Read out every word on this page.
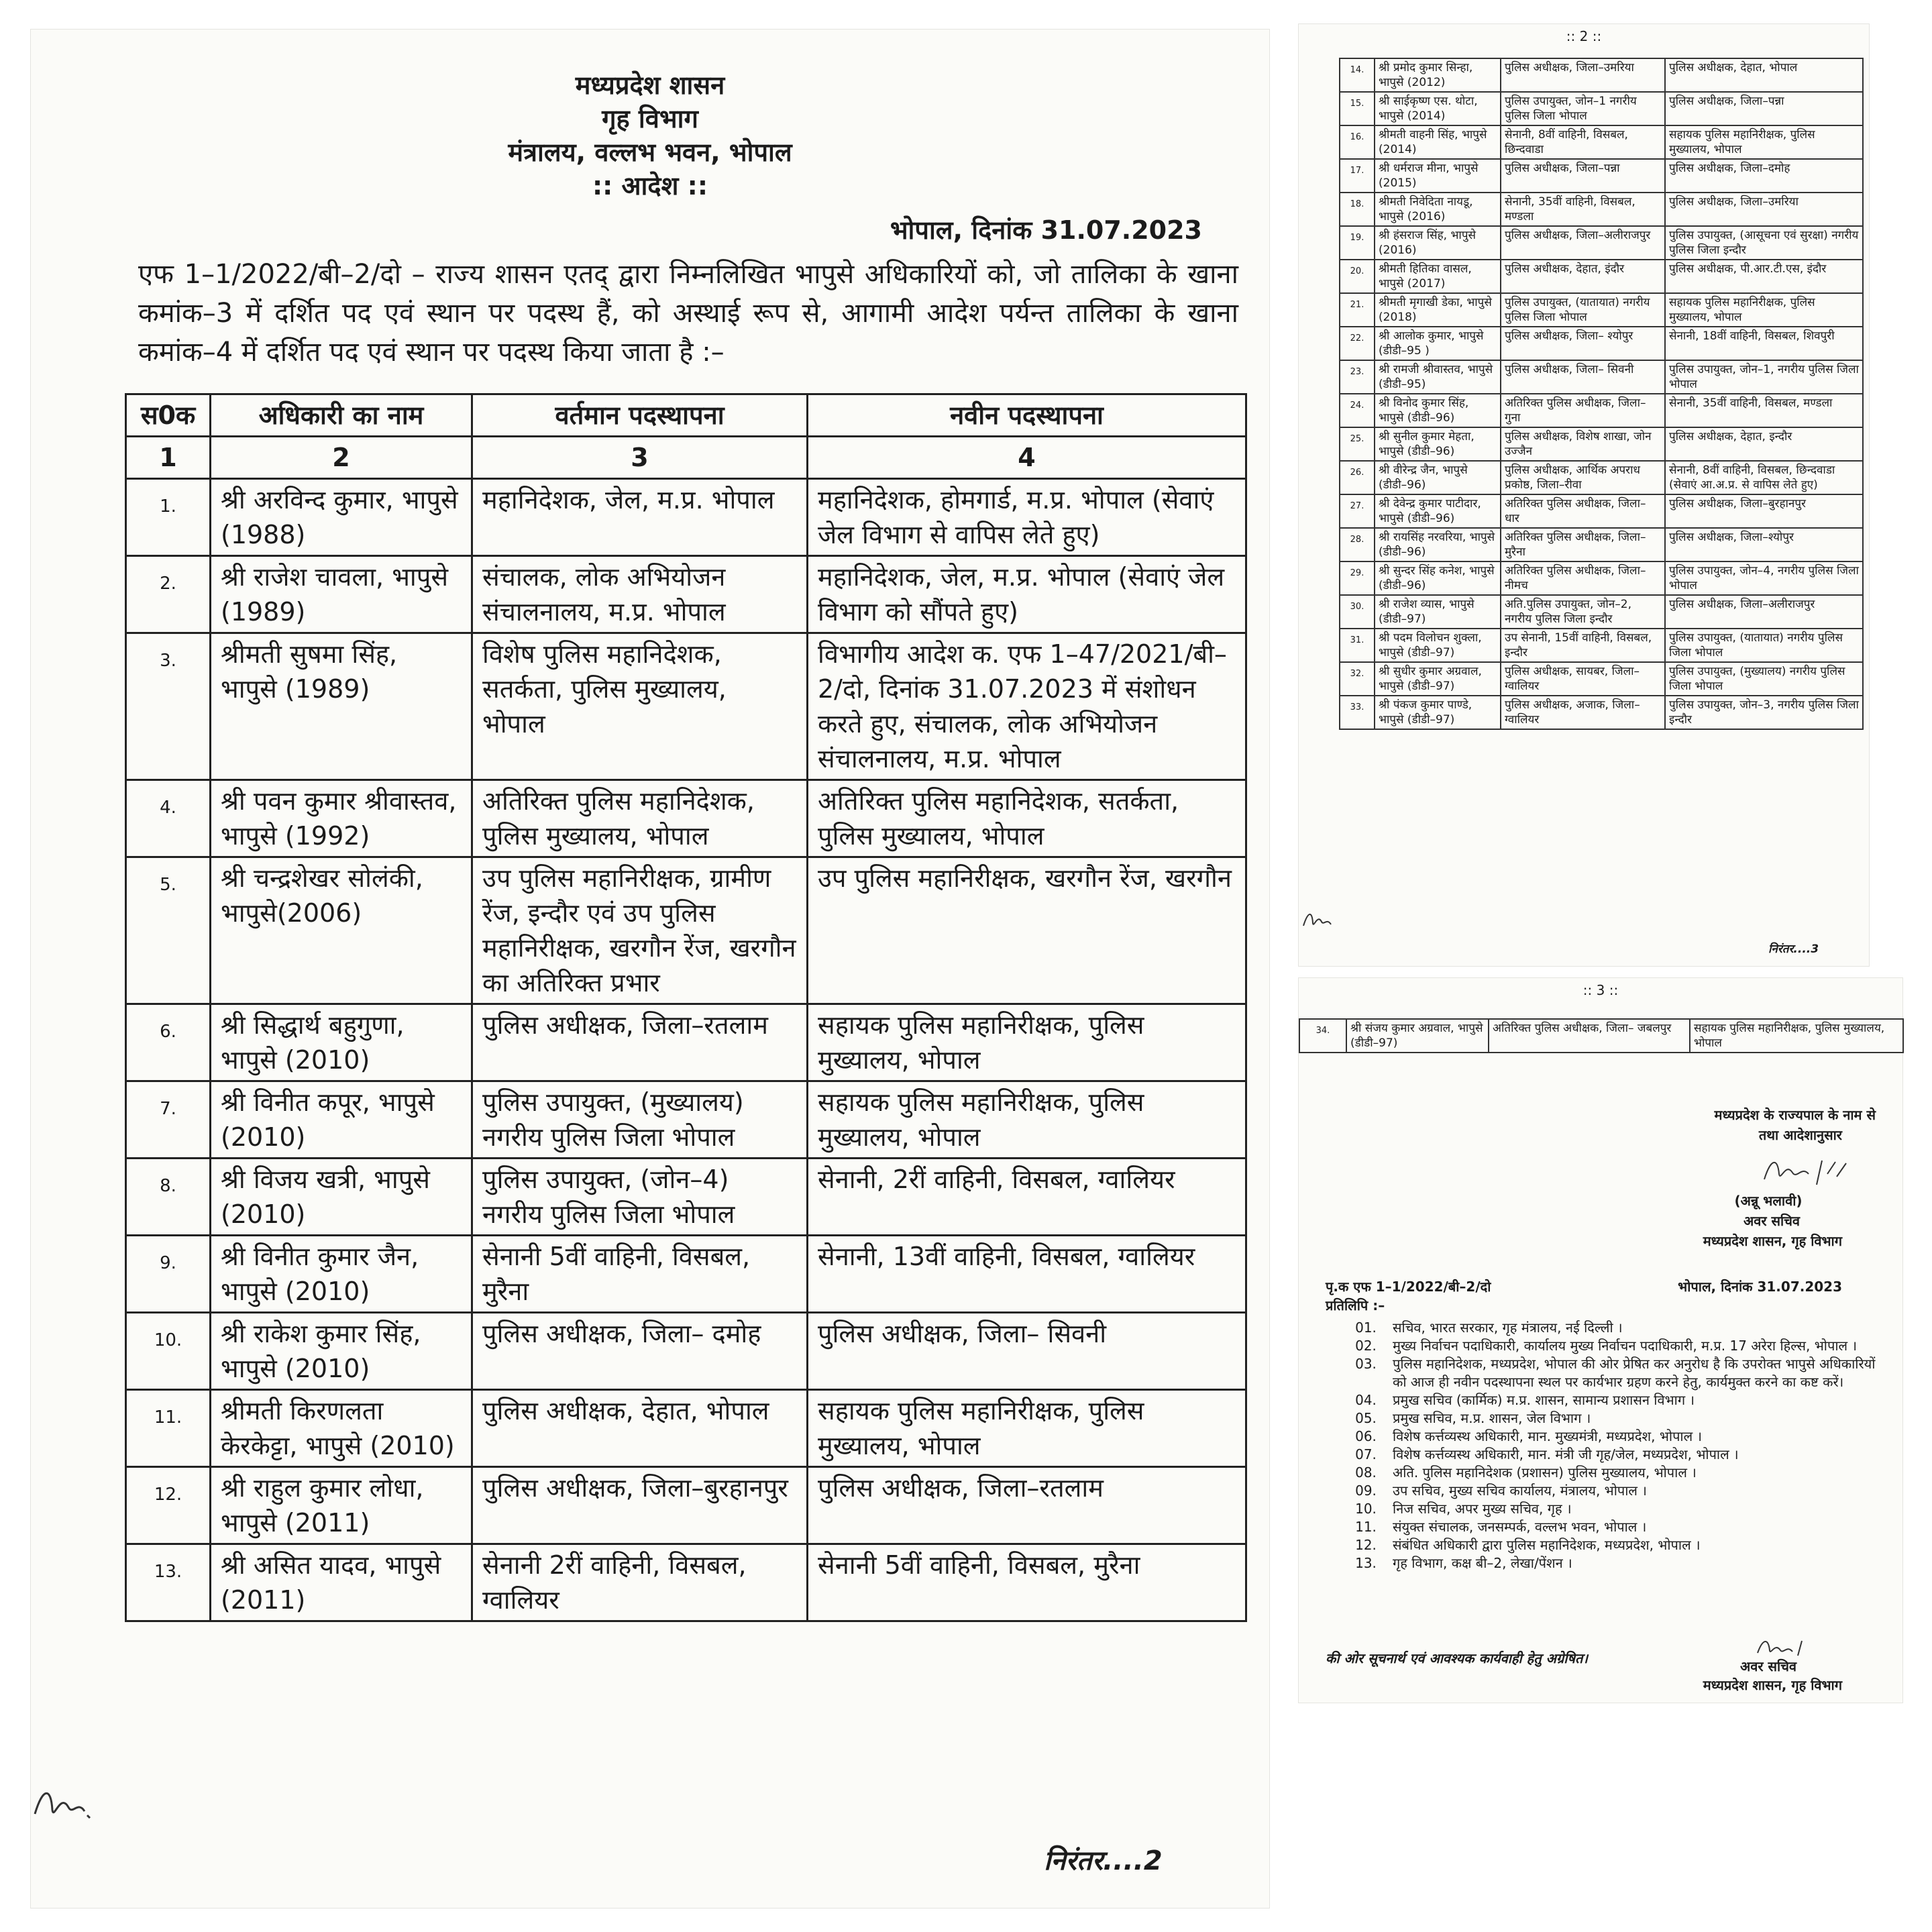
मध्यप्रदेश शासन
गृह विभाग
मंत्रालय, वल्लभ भवन, भोपाल
:: आदेश ::
भोपाल, दिनांक 31.07.2023
एफ 1–1/2022/बी–2/दो – राज्य शासन एतद् द्वारा निम्नलिखित भापुसे अधिकारियों को, जो तालिका के खाना कमांक–3 में दर्शित पद एवं स्थान पर पदस्थ हैं, को अस्थाई रूप से, आगामी आदेश पर्यन्त तालिका के खाना कमांक–4 में दर्शित पद एवं स्थान पर पदस्थ किया जाता है :–
स0क	अधिकारी का नाम	वर्तमान पदस्थापना	नवीन पदस्थापना
1	2	3	4
1.	श्री अरविन्द कुमार, भापुसे (1988)	महानिदेशक, जेल, म.प्र. भोपाल	महानिदेशक, होमगार्ड, म.प्र. भोपाल (सेवाएं जेल विभाग से वापिस लेते हुए)
2.	श्री राजेश चावला, भापुसे (1989)	संचालक, लोक अभियोजन संचालनालय, म.प्र. भोपाल	महानिदेशक, जेल, म.प्र. भोपाल (सेवाएं जेल विभाग को सौंपते हुए)
3.	श्रीमती सुषमा सिंह, भापुसे (1989)	विशेष पुलिस महानिदेशक, सतर्कता, पुलिस मुख्यालय, भोपाल	विभागीय आदेश क. एफ 1–47/2021/बी–2/दो, दिनांक 31.07.2023 में संशोधन करते हुए, संचालक, लोक अभियोजन संचालनालय, म.प्र. भोपाल
4.	श्री पवन कुमार श्रीवास्तव, भापुसे (1992)	अतिरिक्त पुलिस महानिदेशक, पुलिस मुख्यालय, भोपाल	अतिरिक्त पुलिस महानिदेशक, सतर्कता, पुलिस मुख्यालय, भोपाल
5.	श्री चन्द्रशेखर सोलंकी, भापुसे(2006)	उप पुलिस महानिरीक्षक, ग्रामीण रेंज, इन्दौर एवं उप पुलिस महानिरीक्षक, खरगौन रेंज, खरगौन का अतिरिक्त प्रभार	उप पुलिस महानिरीक्षक, खरगौन रेंज, खरगौन
6.	श्री सिद्धार्थ बहुगुणा, भापुसे (2010)	पुलिस अधीक्षक, जिला–रतलाम	सहायक पुलिस महानिरीक्षक, पुलिस मुख्यालय, भोपाल
7.	श्री विनीत कपूर, भापुसे (2010)	पुलिस उपायुक्त, (मुख्यालय) नगरीय पुलिस जिला भोपाल	सहायक पुलिस महानिरीक्षक, पुलिस मुख्यालय, भोपाल
8.	श्री विजय खत्री, भापुसे (2010)	पुलिस उपायुक्त, (जोन–4) नगरीय पुलिस जिला भोपाल	सेनानी, 2रीं वाहिनी, विसबल, ग्वालियर
9.	श्री विनीत कुमार जैन, भापुसे (2010)	सेनानी 5वीं वाहिनी, विसबल, मुरैना	सेनानी, 13वीं वाहिनी, विसबल, ग्वालियर
10.	श्री राकेश कुमार सिंह, भापुसे (2010)	पुलिस अधीक्षक, जिला– दमोह	पुलिस अधीक्षक, जिला– सिवनी
11.	श्रीमती किरणलता केरकेट्टा, भापुसे (2010)	पुलिस अधीक्षक, देहात, भोपाल	सहायक पुलिस महानिरीक्षक, पुलिस मुख्यालय, भोपाल
12.	श्री राहुल कुमार लोधा, भापुसे (2011)	पुलिस अधीक्षक, जिला–बुरहानपुर	पुलिस अधीक्षक, जिला–रतलाम
13.	श्री असित यादव, भापुसे (2011)	सेनानी 2रीं वाहिनी, विसबल, ग्वालियर	सेनानी 5वीं वाहिनी, विसबल, मुरैना
निरंतर....2
:: 2 ::
14.	श्री प्रमोद कुमार सिन्हा, भापुसे (2012)	पुलिस अधीक्षक, जिला–उमरिया	पुलिस अधीक्षक, देहात, भोपाल
15.	श्री साईकृष्ण एस. थोटा, भापुसे (2014)	पुलिस उपायुक्त, जोन–1 नगरीय पुलिस जिला भोपाल	पुलिस अधीक्षक, जिला–पन्ना
16.	श्रीमती वाहनी सिंह, भापुसे (2014)	सेनानी, 8वीं वाहिनी, विसबल, छिन्दवाडा	सहायक पुलिस महानिरीक्षक, पुलिस मुख्यालय, भोपाल
17.	श्री धर्मराज मीना, भापुसे (2015)	पुलिस अधीक्षक, जिला–पन्ना	पुलिस अधीक्षक, जिला–दमोह
18.	श्रीमती निवेदिता नायडू, भापुसे (2016)	सेनानी, 35वीं वाहिनी, विसबल, मण्डला	पुलिस अधीक्षक, जिला–उमरिया
19.	श्री हंसराज सिंह, भापुसे (2016)	पुलिस अधीक्षक, जिला–अलीराजपुर	पुलिस उपायुक्त, (आसूचना एवं सुरक्षा) नगरीय पुलिस जिला इन्दौर
20.	श्रीमती हितिका वासल, भापुसे (2017)	पुलिस अधीक्षक, देहात, इंदौर	पुलिस अधीक्षक, पी.आर.टी.एस, इंदौर
21.	श्रीमती मृगाखी डेका, भापुसे (2018)	पुलिस उपायुक्त, (यातायात) नगरीय पुलिस जिला भोपाल	सहायक पुलिस महानिरीक्षक, पुलिस मुख्यालय, भोपाल
22.	श्री आलोक कुमार, भापुसे (डीडी–95 )	पुलिस अधीक्षक, जिला– श्योपुर	सेनानी, 18वीं वाहिनी, विसबल, शिवपुरी
23.	श्री रामजी श्रीवास्तव, भापुसे (डीडी–95)	पुलिस अधीक्षक, जिला– सिवनी	पुलिस उपायुक्त, जोन–1, नगरीय पुलिस जिला भोपाल
24.	श्री विनोद कुमार सिंह, भापुसे (डीडी–96)	अतिरिक्त पुलिस अधीक्षक, जिला– गुना	सेनानी, 35वीं वाहिनी, विसबल, मण्डला
25.	श्री सुनील कुमार मेहता, भापुसे (डीडी–96)	पुलिस अधीक्षक, विशेष शाखा, जोन उज्जैन	पुलिस अधीक्षक, देहात, इन्दौर
26.	श्री वीरेन्द्र जैन, भापुसे (डीडी–96)	पुलिस अधीक्षक, आर्थिक अपराध प्रकोष्ठ, जिला–रीवा	सेनानी, 8वीं वाहिनी, विसबल, छिन्दवाडा (सेवाएं आ.अ.प्र. से वापिस लेते हुए)
27.	श्री देवेन्द्र कुमार पाटीदार, भापुसे (डीडी–96)	अतिरिक्त पुलिस अधीक्षक, जिला– धार	पुलिस अधीक्षक, जिला–बुरहानपुर
28.	श्री रायसिंह नरवरिया, भापुसे (डीडी–96)	अतिरिक्त पुलिस अधीक्षक, जिला– मुरैना	पुलिस अधीक्षक, जिला–श्योपुर
29.	श्री सुन्दर सिंह कनेश, भापुसे (डीडी–96)	अतिरिक्त पुलिस अधीक्षक, जिला– नीमच	पुलिस उपायुक्त, जोन–4, नगरीय पुलिस जिला भोपाल
30.	श्री राजेश व्यास, भापुसे (डीडी–97)	अति.पुलिस उपायुक्त, जोन–2, नगरीय पुलिस जिला इन्दौर	पुलिस अधीक्षक, जिला–अलीराजपुर
31.	श्री पदम विलोचन शुक्ला, भापुसे (डीडी–97)	उप सेनानी, 15वीं वाहिनी, विसबल, इन्दौर	पुलिस उपायुक्त, (यातायात) नगरीय पुलिस जिला भोपाल
32.	श्री सुधीर कुमार अग्रवाल, भापुसे (डीडी–97)	पुलिस अधीक्षक, सायबर, जिला–ग्वालियर	पुलिस उपायुक्त, (मुख्यालय) नगरीय पुलिस जिला भोपाल
33.	श्री पंकज कुमार पाण्डे, भापुसे (डीडी–97)	पुलिस अधीक्षक, अजाक, जिला–ग्वालियर	पुलिस उपायुक्त, जोन–3, नगरीय पुलिस जिला इन्दौर
निरंतर....3
:: 3 ::
34.	श्री संजय कुमार अग्रवाल, भापुसे (डीडी–97)	अतिरिक्त पुलिस अधीक्षक, जिला– जबलपुर	सहायक पुलिस महानिरीक्षक, पुलिस मुख्यालय, भोपाल
मध्यप्रदेश के राज्यपाल के नाम से
तथा आदेशानुसार
(अन्नू भलावी)
अवर सचिव
मध्यप्रदेश शासन, गृह विभाग
पृ.क एफ 1–1/2022/बी–2/दो	भोपाल, दिनांक 31.07.2023
प्रतिलिपि :–
01.	सचिव, भारत सरकार, गृह मंत्रालय, नई दिल्ली ।
02.	मुख्य निर्वाचन पदाधिकारी, कार्यालय मुख्य निर्वाचन पदाधिकारी, म.प्र. 17 अरेरा हिल्स, भोपाल ।
03.	पुलिस महानिदेशक, मध्यप्रदेश, भोपाल की ओर प्रेषित कर अनुरोध है कि उपरोक्त भापुसे अधिकारियों को आज ही नवीन पदस्थापना स्थल पर कार्यभार ग्रहण करने हेतु, कार्यमुक्त करने का कष्ट करें।
04.	प्रमुख सचिव (कार्मिक) म.प्र. शासन, सामान्य प्रशासन विभाग ।
05.	प्रमुख सचिव, म.प्र. शासन, जेल विभाग ।
06.	विशेष कर्त्तव्यस्थ अधिकारी, मान. मुख्यमंत्री, मध्यप्रदेश, भोपाल ।
07.	विशेष कर्त्तव्यस्थ अधिकारी, मान. मंत्री जी गृह/जेल, मध्यप्रदेश, भोपाल ।
08.	अति. पुलिस महानिदेशक (प्रशासन) पुलिस मुख्यालय, भोपाल ।
09.	उप सचिव, मुख्य सचिव कार्यालय, मंत्रालय, भोपाल ।
10.	निज सचिव, अपर मुख्य सचिव, गृह ।
11.	संयुक्त संचालक, जनसम्पर्क, वल्लभ भवन, भोपाल ।
12.	संबंधित अधिकारी द्वारा पुलिस महानिदेशक, मध्यप्रदेश, भोपाल ।
13.	गृह विभाग, कक्ष बी–2, लेखा/पेंशन ।
की ओर सूचनार्थ एवं आवश्यक कार्यवाही हेतु अग्रेषित।	अवर सचिव
मध्यप्रदेश शासन, गृह विभाग
